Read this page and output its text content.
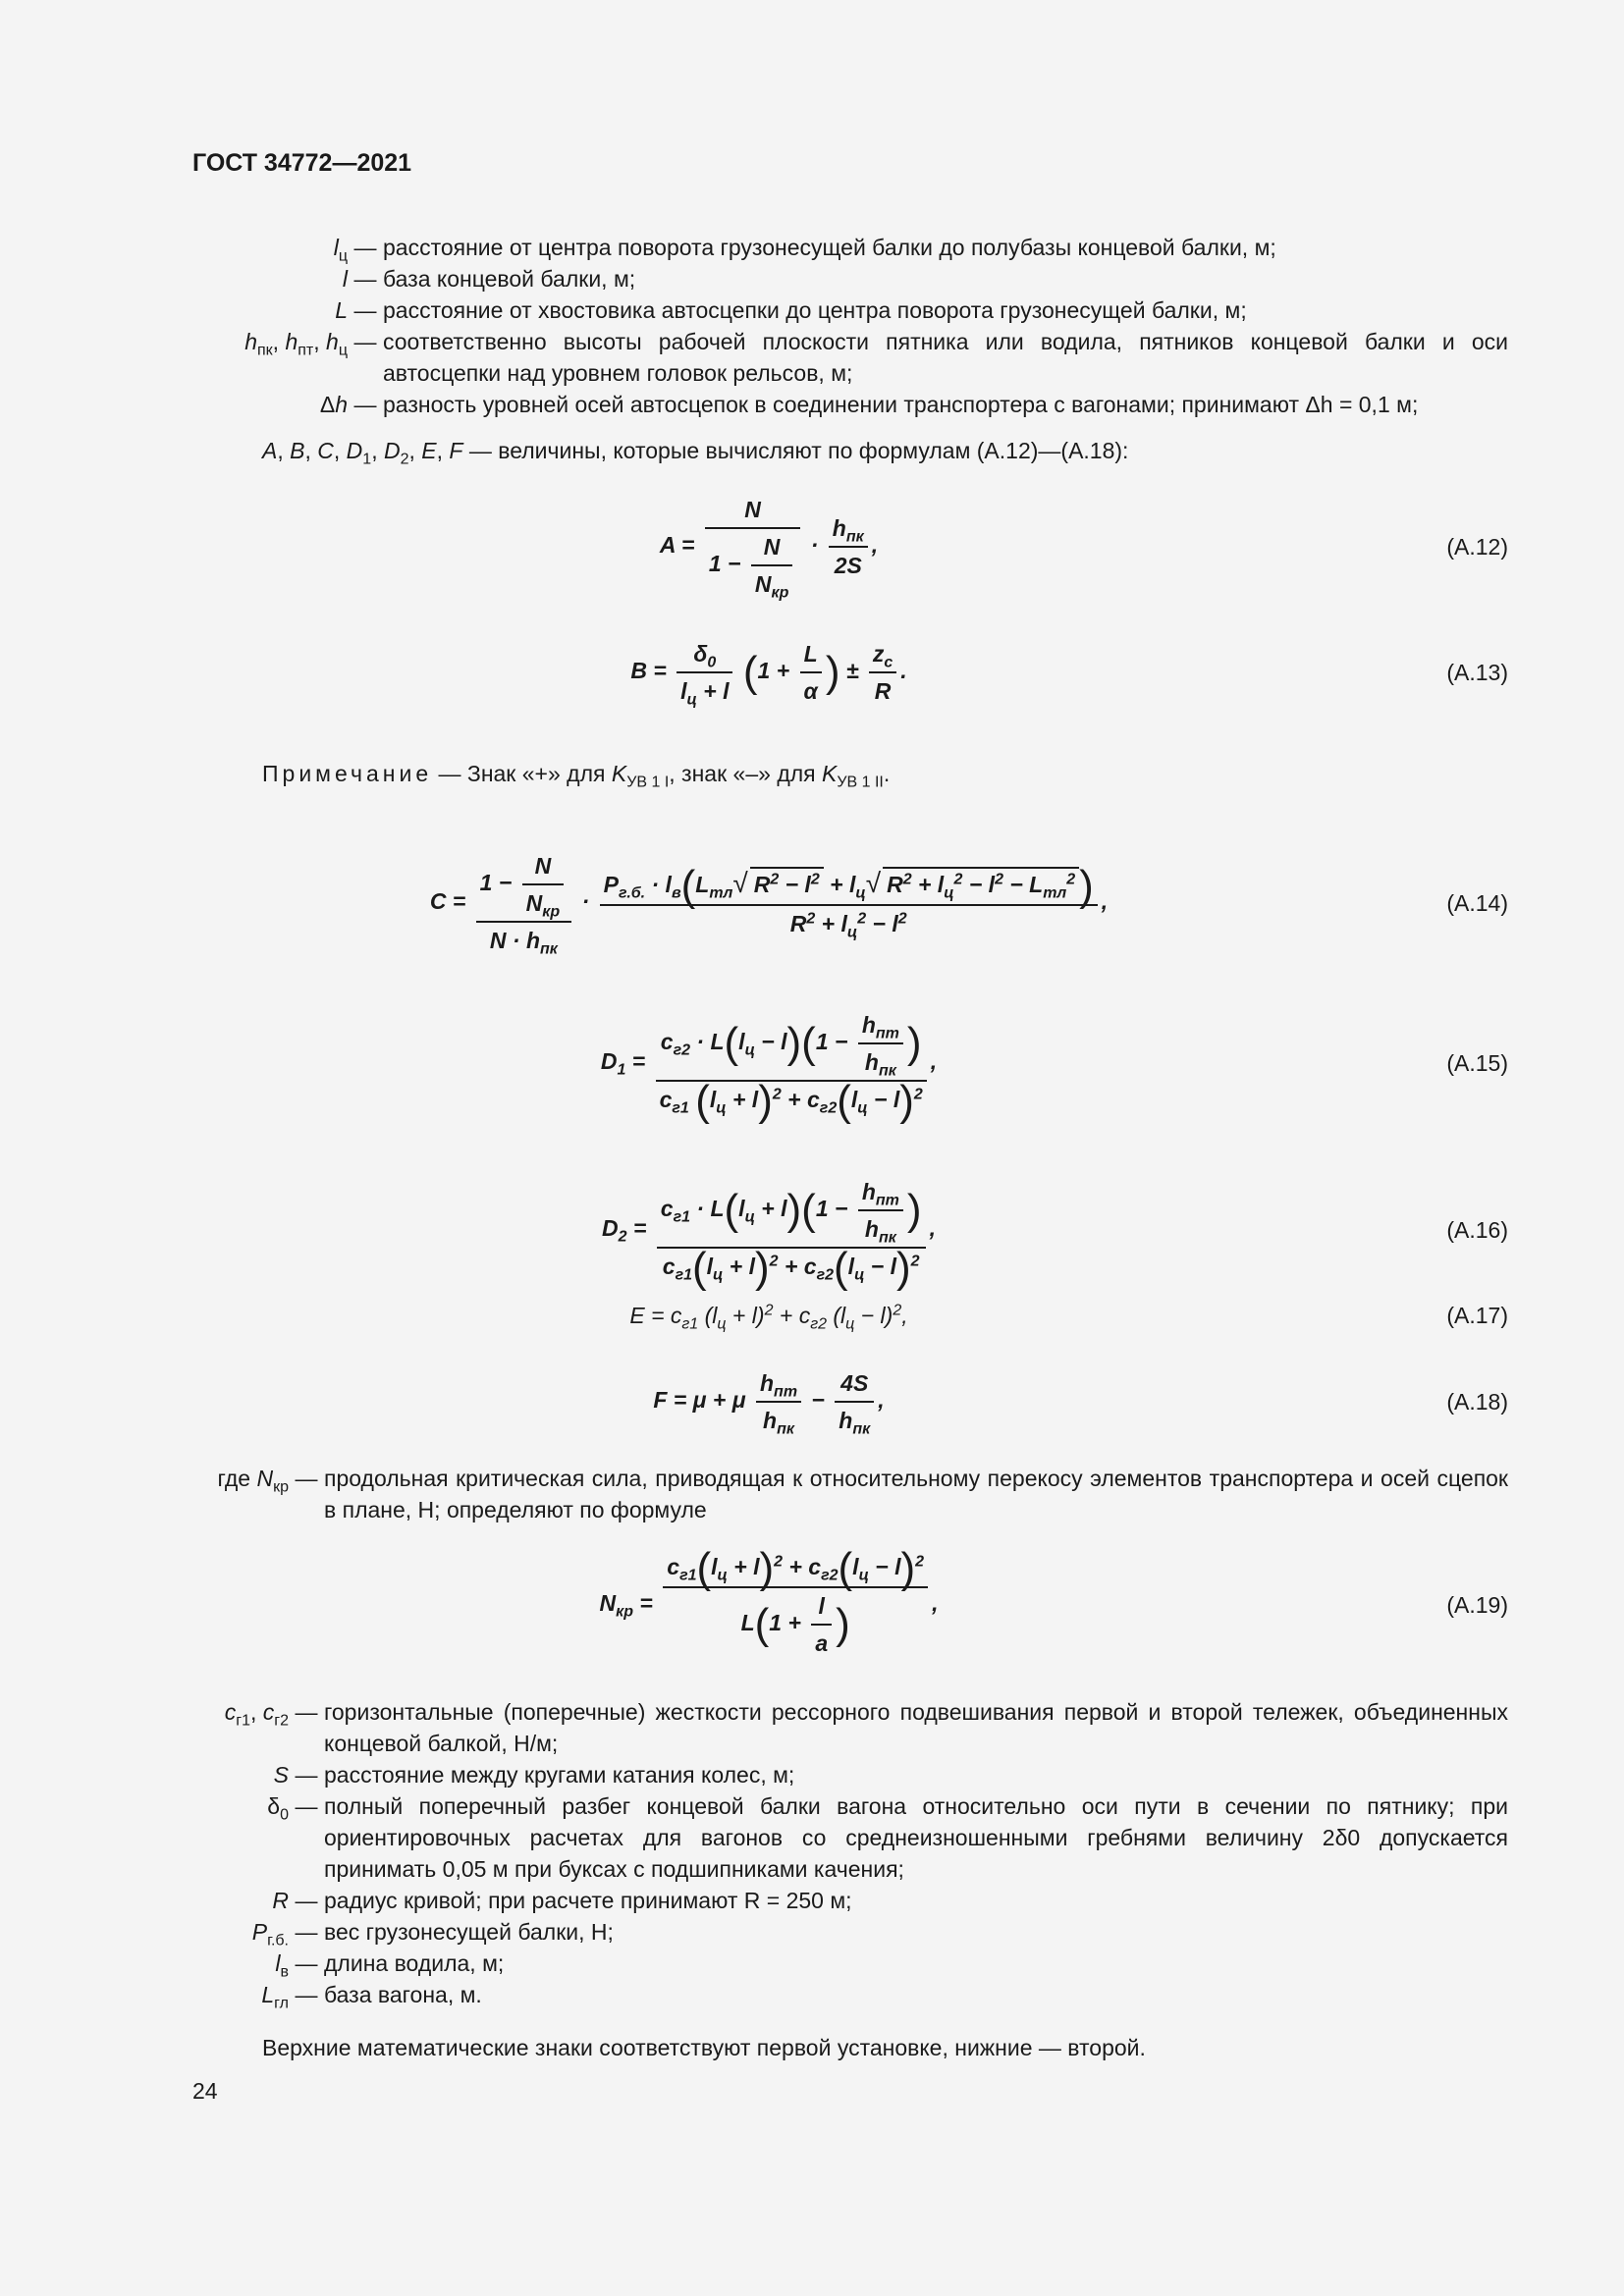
ГОСТ 34772—2021
$l_ц$ — расстояние от центра поворота грузонесущей балки до полубазы концевой балки, м;
l — база концевой балки, м;
L — расстояние от хвостовика автосцепки до центра поворота грузонесущей балки, м;
$h_{пк}$, $h_{пт}$, $h_ц$ — соответственно высоты рабочей плоскости пятника или водила, пятников концевой балки и оси автосцепки над уровнем головок рельсов, м;
Δh — разность уровней осей автосцепок в соединении транспортера с вагонами; принимают Δh = 0,1 м;
A, B, C, $D_1$, $D_2$, E, F — величины, которые вычисляют по формулам (А.12)—(А.18):
$A = \frac{N}{1 - \frac{N}{N_{кр}}} \cdot \frac{h_{пк}}{2S}$ ,	(А.12)
$B = \frac{\delta_0}{l_ц + l} (1 + \frac{L}{\alpha}$ ) ± $\frac{z_c}{R}$ .	(А.13)
Примечание — Знак «+» для $K_{УВ 1 I}$, знак «–» для $K_{УВ 1 II}$.
$C = \frac{1 - \frac{N}{N_{кр}}}{N \cdot h_{пк}} \cdot \frac{P_{г.б.} \cdot l_в(L_{тл}√ R^2 - l^2 + l_ц√ R^2 + l_ц^2 - l^2 - L_{тл}^2)}{R^2 + l_ц^2 - l^2}$ ,	(А.14)
$D_1 = \frac{c_{г2} \cdot L(l_ц - l)(1 - \frac{h_{пт}}{h_{пк}} )}{c_{г1} (l_ц + l)^2 + c_{г2}(l_ц - l)^2}$ ,	(А.15)
$D_2 = \frac{c_{г1} \cdot L(l_ц + l)(1 - \frac{h_{пт}}{h_{пк}} )}{c_{г1}(l_ц + l)^2 + c_{г2}(l_ц - l)^2}$ ,	(А.16)
$E = c_{г1}$ $(l_ц + l)^2 + c_{г2}$ $(l_ц - l)^2$,	(А.17)
F = μ + μ $\frac{h_{пт}}{h_{пк}} - \frac{4S}{h_{пк}}$ ,	(А.18)
где $N_{кр}$ — продольная критическая сила, приводящая к относительному перекосу элементов транспортера и осей сцепок в плане, Н; определяют по формуле
$N_{кр} = \frac{c_{г1}(l_ц + l)^2 + c_{г2}(l_ц - l)^2}{L(1 + \frac{l}{a} )}$ ,	(А.19)
$c_{г1}$, $c_{г2}$ — горизонтальные (поперечные) жесткости рессорного подвешивания первой и второй тележек, объединенных концевой балкой, Н/м;
S — расстояние между кругами катания колес, м;
$\delta_0$ — полный поперечный разбег концевой балки вагона относительно оси пути в сечении по пятнику; при ориентировочных расчетах для вагонов со среднеизношенными гребнями величину 2δ0 допускается принимать 0,05 м при буксах с подшипниками качения;
R — радиус кривой; при расчете принимают R = 250 м;
$P_{г.б.}$ — вес грузонесущей балки, Н;
$l_в$ — длина водила, м;
$L_{гл}$ — база вагона, м.
Верхние математические знаки соответствуют первой установке, нижние — второй.
24
